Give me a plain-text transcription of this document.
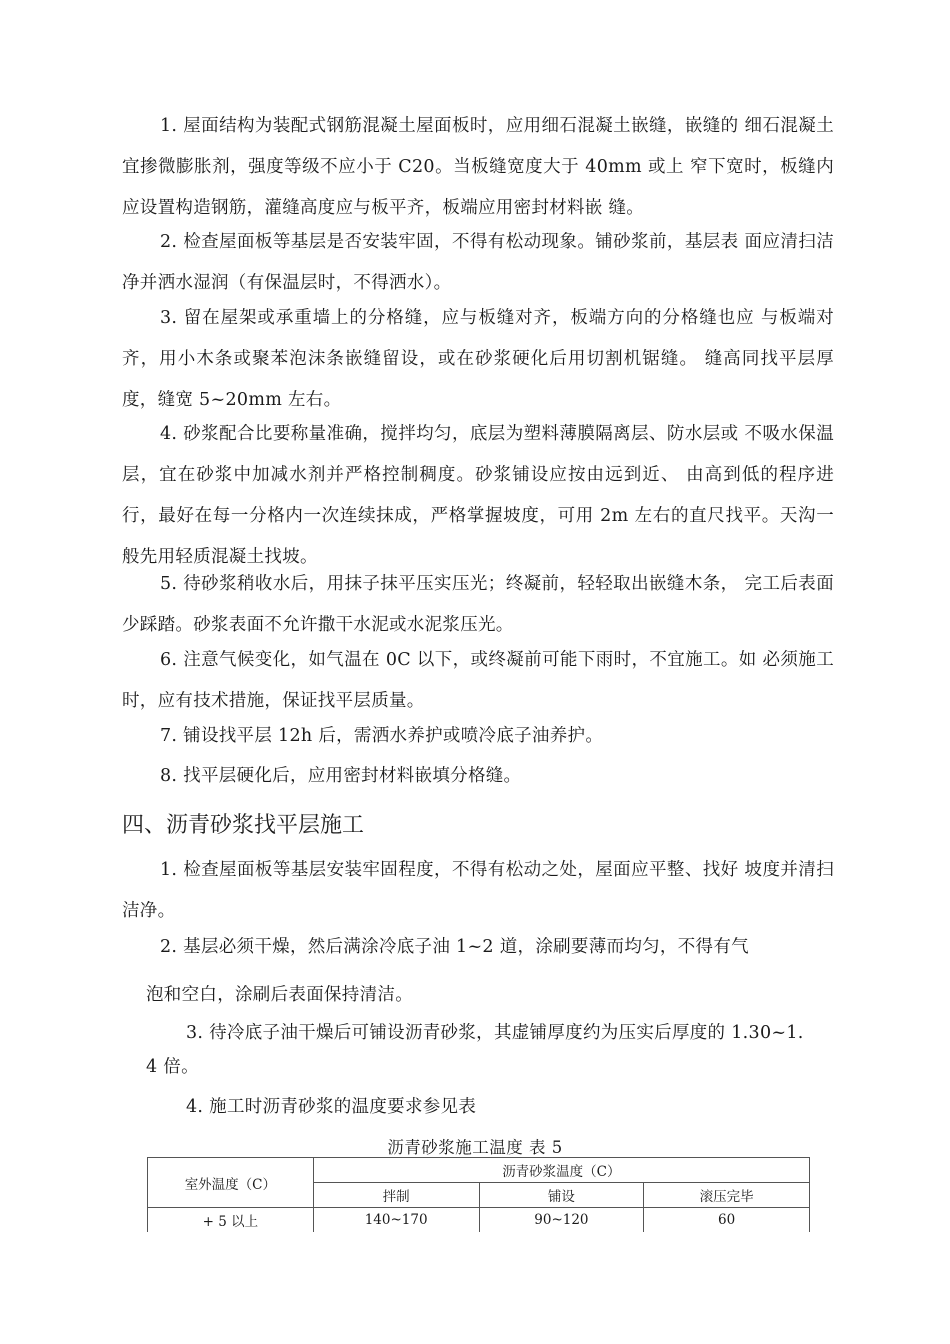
1. 屋面结构为装配式钢筋混凝土屋面板时，应用细石混凝土嵌缝，嵌缝的 细石混凝土宜掺微膨胀剂，强度等级不应小于 C20。当板缝宽度大于 40mm 或上 窄下宽时，板缝内应设置构造钢筋，灌缝高度应与板平齐，板端应用密封材料嵌 缝。

2. 检查屋面板等基层是否安装牢固，不得有松动现象。铺砂浆前，基层表 面应清扫洁净并洒水湿润（有保温层时，不得洒水）。

3. 留在屋架或承重墙上的分格缝，应与板缝对齐，板端方向的分格缝也应 与板端对齐，用小木条或聚苯泡沫条嵌缝留设，或在砂浆硬化后用切割机锯缝。 缝高同找平层厚度，缝宽 5~20mm 左右。

4. 砂浆配合比要称量准确，搅拌均匀，底层为塑料薄膜隔离层、防水层或 不吸水保温层，宜在砂浆中加减水剂并严格控制稠度。砂浆铺设应按由远到近、 由高到低的程序进行，最好在每一分格内一次连续抹成，严格掌握坡度，可用 2m 左右的直尺找平。天沟一般先用轻质混凝土找坡。

5. 待砂浆稍收水后，用抹子抹平压实压光；终凝前，轻轻取出嵌缝木条， 完工后表面少踩踏。砂浆表面不允许撒干水泥或水泥浆压光。

6. 注意气候变化，如气温在 0C 以下，或终凝前可能下雨时，不宜施工。如 必须施工时，应有技术措施，保证找平层质量。

7. 铺设找平层 12h 后，需洒水养护或喷冷底子油养护。

8. 找平层硬化后，应用密封材料嵌填分格缝。

四、沥青砂浆找平层施工

1. 检查屋面板等基层安装牢固程度，不得有松动之处，屋面应平整、找好 坡度并清扫洁净。

2. 基层必须干燥，然后满涂冷底子油 1~2 道，涂刷要薄而均匀，不得有气

泡和空白，涂刷后表面保持清洁。

3. 待冷底子油干燥后可铺设沥青砂浆，其虚铺厚度约为压实后厚度的 1.30~1.

4 倍。

4. 施工时沥青砂浆的温度要求参见表

沥青砂浆施工温度 表 5

室外温度（C）	沥青砂浆温度（C）		
	拌制	铺设	滚压完毕
+ 5 以上	140~170	90~120	60
